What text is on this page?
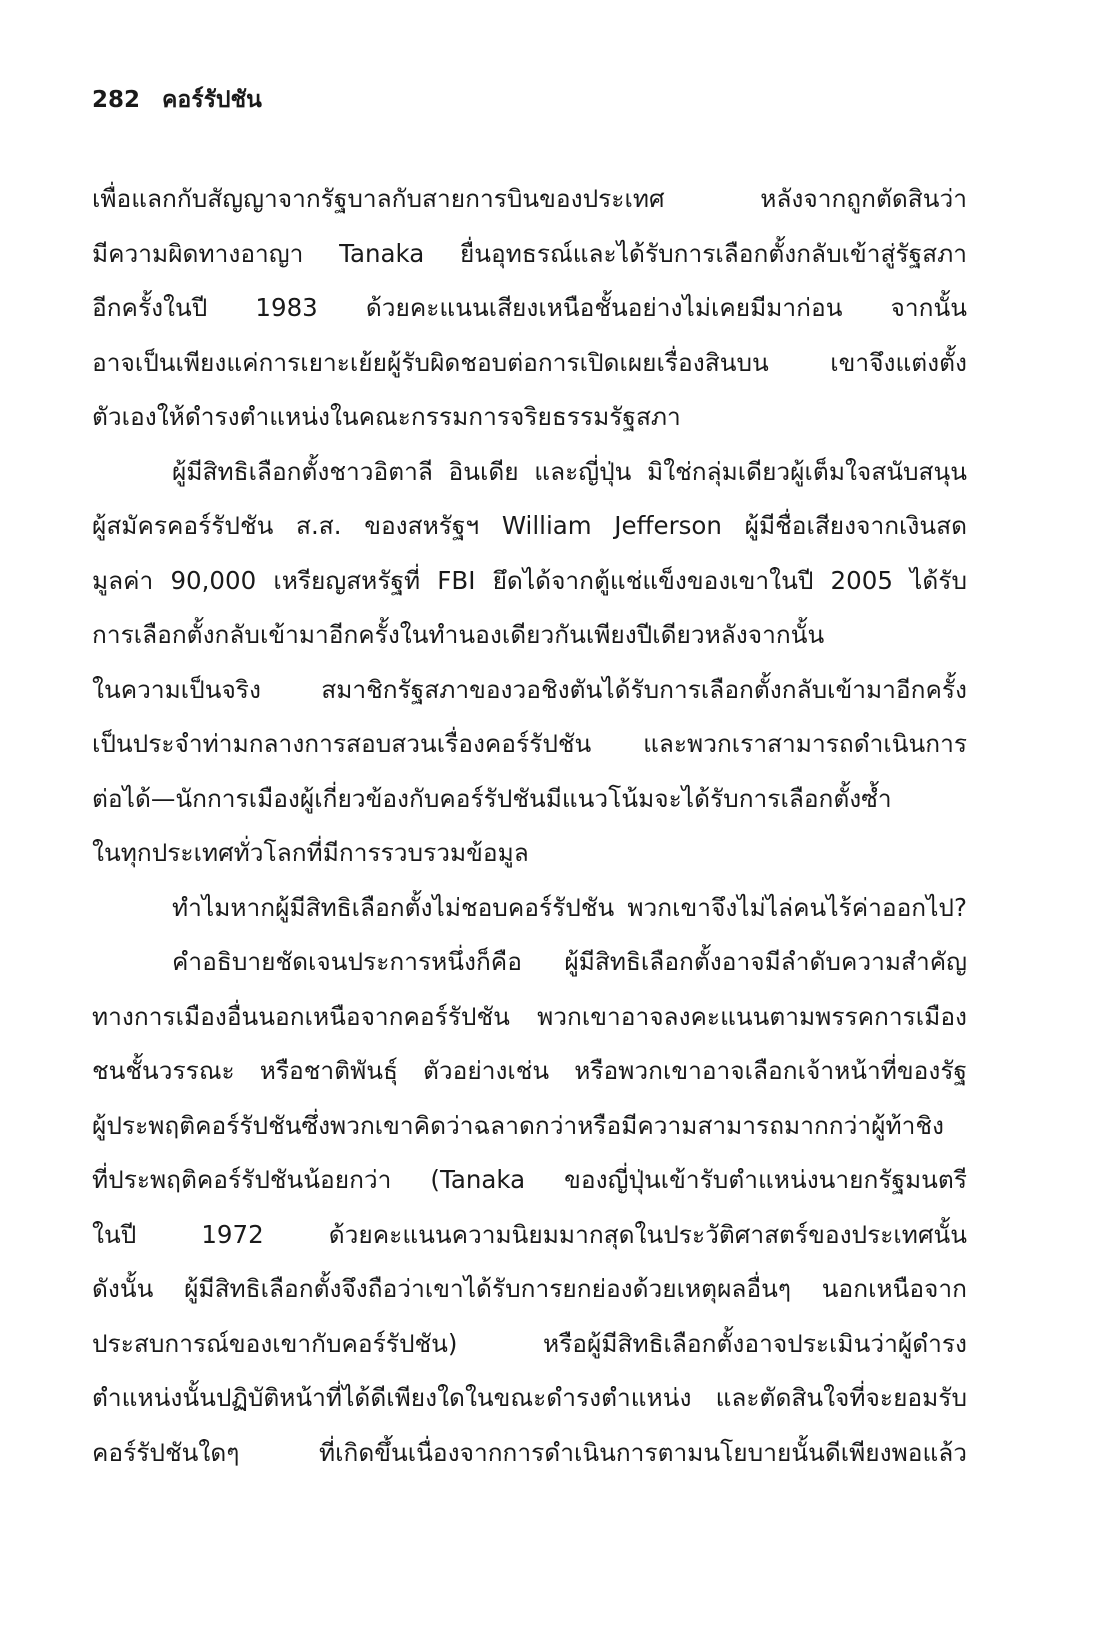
282 คอร์รัปชัน
เพื่อแลกกับสัญญาจากรัฐบาลกับสายการบินของประเทศ หลังจากถูกตัดสินว่า
มีความผิดทางอาญา Tanaka ยื่นอุทธรณ์และได้รับการเลือกตั้งกลับเข้าสู่รัฐสภา
อีกครั้งในปี 1983 ด้วยคะแนนเสียงเหนือชั้นอย่างไม่เคยมีมาก่อน จากนั้น
อาจเป็นเพียงแค่การเยาะเย้ยผู้รับผิดชอบต่อการเปิดเผยเรื่องสินบน เขาจึงแต่งตั้ง
ตัวเองให้ดำรงตำแหน่งในคณะกรรมการจริยธรรมรัฐสภา
ผู้มีสิทธิเลือกตั้งชาวอิตาลี อินเดีย และญี่ปุ่น มิใช่กลุ่มเดียวผู้เต็มใจสนับสนุน
ผู้สมัครคอร์รัปชัน ส.ส. ของสหรัฐฯ William Jefferson ผู้มีชื่อเสียงจากเงินสด
มูลค่า 90,000 เหรียญสหรัฐที่ FBI ยึดได้จากตู้แช่แข็งของเขาในปี 2005 ได้รับ
การเลือกตั้งกลับเข้ามาอีกครั้งในทำนองเดียวกันเพียงปีเดียวหลังจากนั้น
ในความเป็นจริง สมาชิกรัฐสภาของวอชิงตันได้รับการเลือกตั้งกลับเข้ามาอีกครั้ง
เป็นประจำท่ามกลางการสอบสวนเรื่องคอร์รัปชัน และพวกเราสามารถดำเนินการ
ต่อได้—นักการเมืองผู้เกี่ยวข้องกับคอร์รัปชันมีแนวโน้มจะได้รับการเลือกตั้งซ้ำ
ในทุกประเทศทั่วโลกที่มีการรวบรวมข้อมูล
ทำไมหากผู้มีสิทธิเลือกตั้งไม่ชอบคอร์รัปชัน พวกเขาจึงไม่ไล่คนไร้ค่าออกไป?
คำอธิบายชัดเจนประการหนึ่งก็คือ ผู้มีสิทธิเลือกตั้งอาจมีลำดับความสำคัญ
ทางการเมืองอื่นนอกเหนือจากคอร์รัปชัน พวกเขาอาจลงคะแนนตามพรรคการเมือง
ชนชั้นวรรณะ หรือชาติพันธุ์ ตัวอย่างเช่น หรือพวกเขาอาจเลือกเจ้าหน้าที่ของรัฐ
ผู้ประพฤติคอร์รัปชันซึ่งพวกเขาคิดว่าฉลาดกว่าหรือมีความสามารถมากกว่าผู้ท้าชิง
ที่ประพฤติคอร์รัปชันน้อยกว่า (Tanaka ของญี่ปุ่นเข้ารับตำแหน่งนายกรัฐมนตรี
ในปี 1972 ด้วยคะแนนความนิยมมากสุดในประวัติศาสตร์ของประเทศนั้น
ดังนั้น ผู้มีสิทธิเลือกตั้งจึงถือว่าเขาได้รับการยกย่องด้วยเหตุผลอื่นๆ นอกเหนือจาก
ประสบการณ์ของเขากับคอร์รัปชัน) หรือผู้มีสิทธิเลือกตั้งอาจประเมินว่าผู้ดำรง
ตำแหน่งนั้นปฏิบัติหน้าที่ได้ดีเพียงใดในขณะดำรงตำแหน่ง และตัดสินใจที่จะยอมรับ
คอร์รัปชันใดๆ ที่เกิดขึ้นเนื่องจากการดำเนินการตามนโยบายนั้นดีเพียงพอแล้ว
